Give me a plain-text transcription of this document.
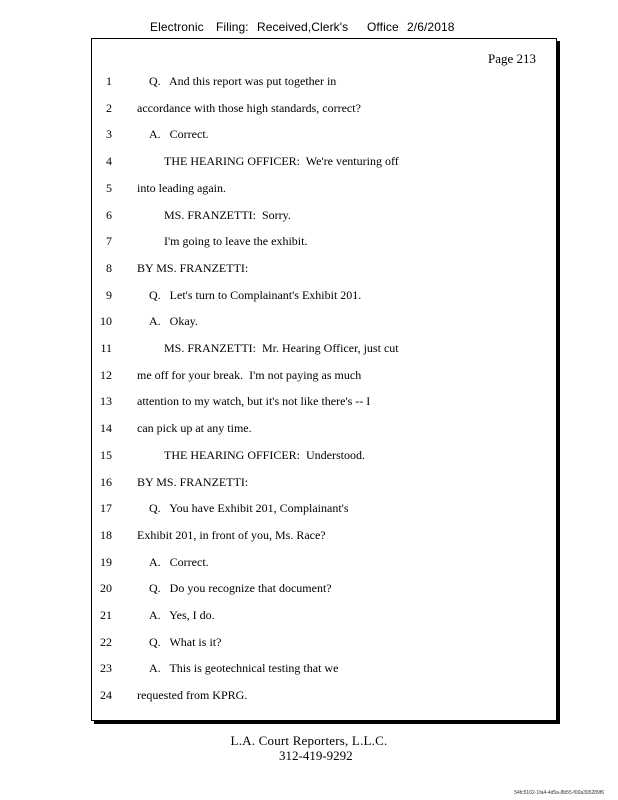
Electronic Filing: Received,Clerk's Office 2/6/2018
Page 213
1	Q.   And this report was put together in
2 accordance with those high standards, correct?
3	A.   Correct.
4	THE HEARING OFFICER:  We're venturing off
5 into leading again.
6	MS. FRANZETTI:  Sorry.
7	I'm going to leave the exhibit.
8 BY MS. FRANZETTI:
9	Q.   Let's turn to Complainant's Exhibit 201.
10	A.   Okay.
11	MS. FRANZETTI:  Mr. Hearing Officer, just cut
12 me off for your break.  I'm not paying as much
13 attention to my watch, but it's not like there's -- I
14 can pick up at any time.
15	THE HEARING OFFICER:  Understood.
16 BY MS. FRANZETTI:
17	Q.   You have Exhibit 201, Complainant's
18 Exhibit 201, in front of you, Ms. Race?
19	A.   Correct.
20	Q.   Do you recognize that document?
21	A.   Yes, I do.
22	Q.   What is it?
23	A.   This is geotechnical testing that we
24 requested from KPRG.
L.A. Court Reporters, L.L.C.
312-419-9292
54fc5102-1fa4-4d5a-8b55-f00a395289f6
